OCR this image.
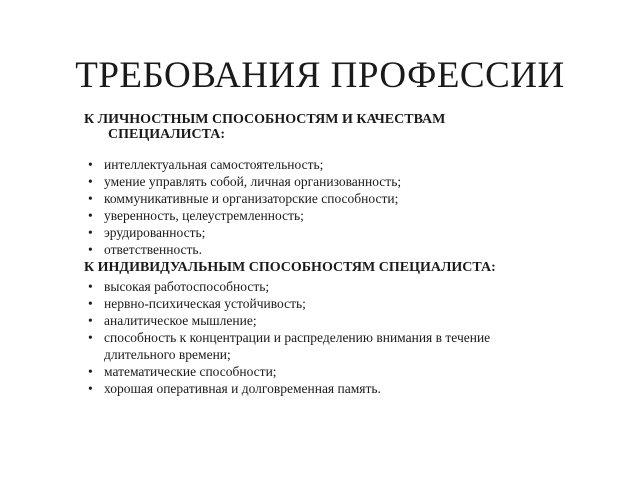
ТРЕБОВАНИЯ ПРОФЕССИИ

К ЛИЧНОСТНЫМ СПОСОБНОСТЯМ И КАЧЕСТВАМ
СПЕЦИАЛИСТА:

• интеллектуальная самостоятельность;
• умение управлять собой, личная организованность;
• коммуникативные и организаторские способности;
• уверенность, целеустремленность;
• эрудированность;
• ответственность.

К ИНДИВИДУАЛЬНЫМ СПОСОБНОСТЯМ СПЕЦИАЛИСТА:

• высокая работоспособность;
• нервно-психическая устойчивость;
• аналитическое мышление;
• способность к концентрации и распределению внимания в течение длительного времени;
• математические способности;
• хорошая оперативная и долговременная память.
